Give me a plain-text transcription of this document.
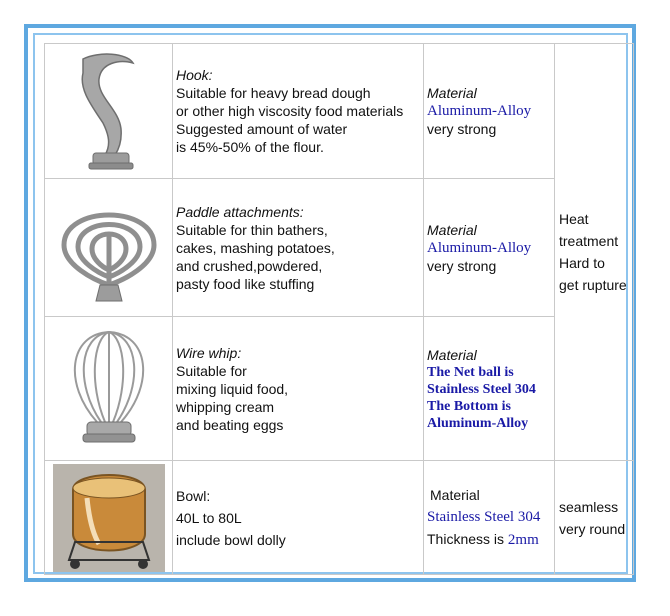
Hook:
Suitable for heavy bread dough
or other high viscosity food materials
Suggested amount of water
is 45%-50% of the flour.	Material
Aluminum-Alloy
very strong	Heat
treatment
Hard to
get rupture

Paddle attachments:
Suitable for thin bathers,
cakes, mashing potatoes,
and crushed,powdered,
pasty food like stuffing	Material
Aluminum-Alloy
very strong	

Wire whip:
Suitable for
mixing liquid food,
whipping cream
and beating eggs	Material
The Net ball is
Stainless Steel 304
The Bottom is
Aluminum-Alloy	

Bowl:
40L to 80L
include bowl dolly	Material
Stainless Steel 304
Thickness is 2mm	seamless
very round
